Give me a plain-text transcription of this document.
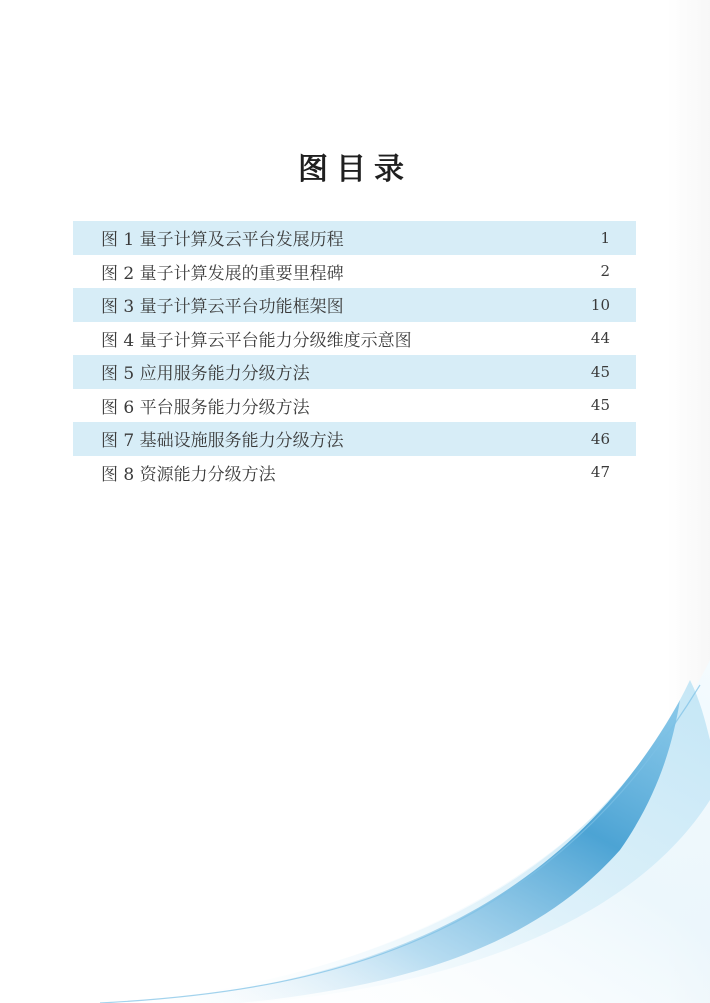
图目录
图 1 量子计算及云平台发展历程	1
图 2 量子计算发展的重要里程碑	2
图 3 量子计算云平台功能框架图	10
图 4 量子计算云平台能力分级维度示意图	44
图 5 应用服务能力分级方法	45
图 6 平台服务能力分级方法	45
图 7 基础设施服务能力分级方法	46
图 8 资源能力分级方法	47
